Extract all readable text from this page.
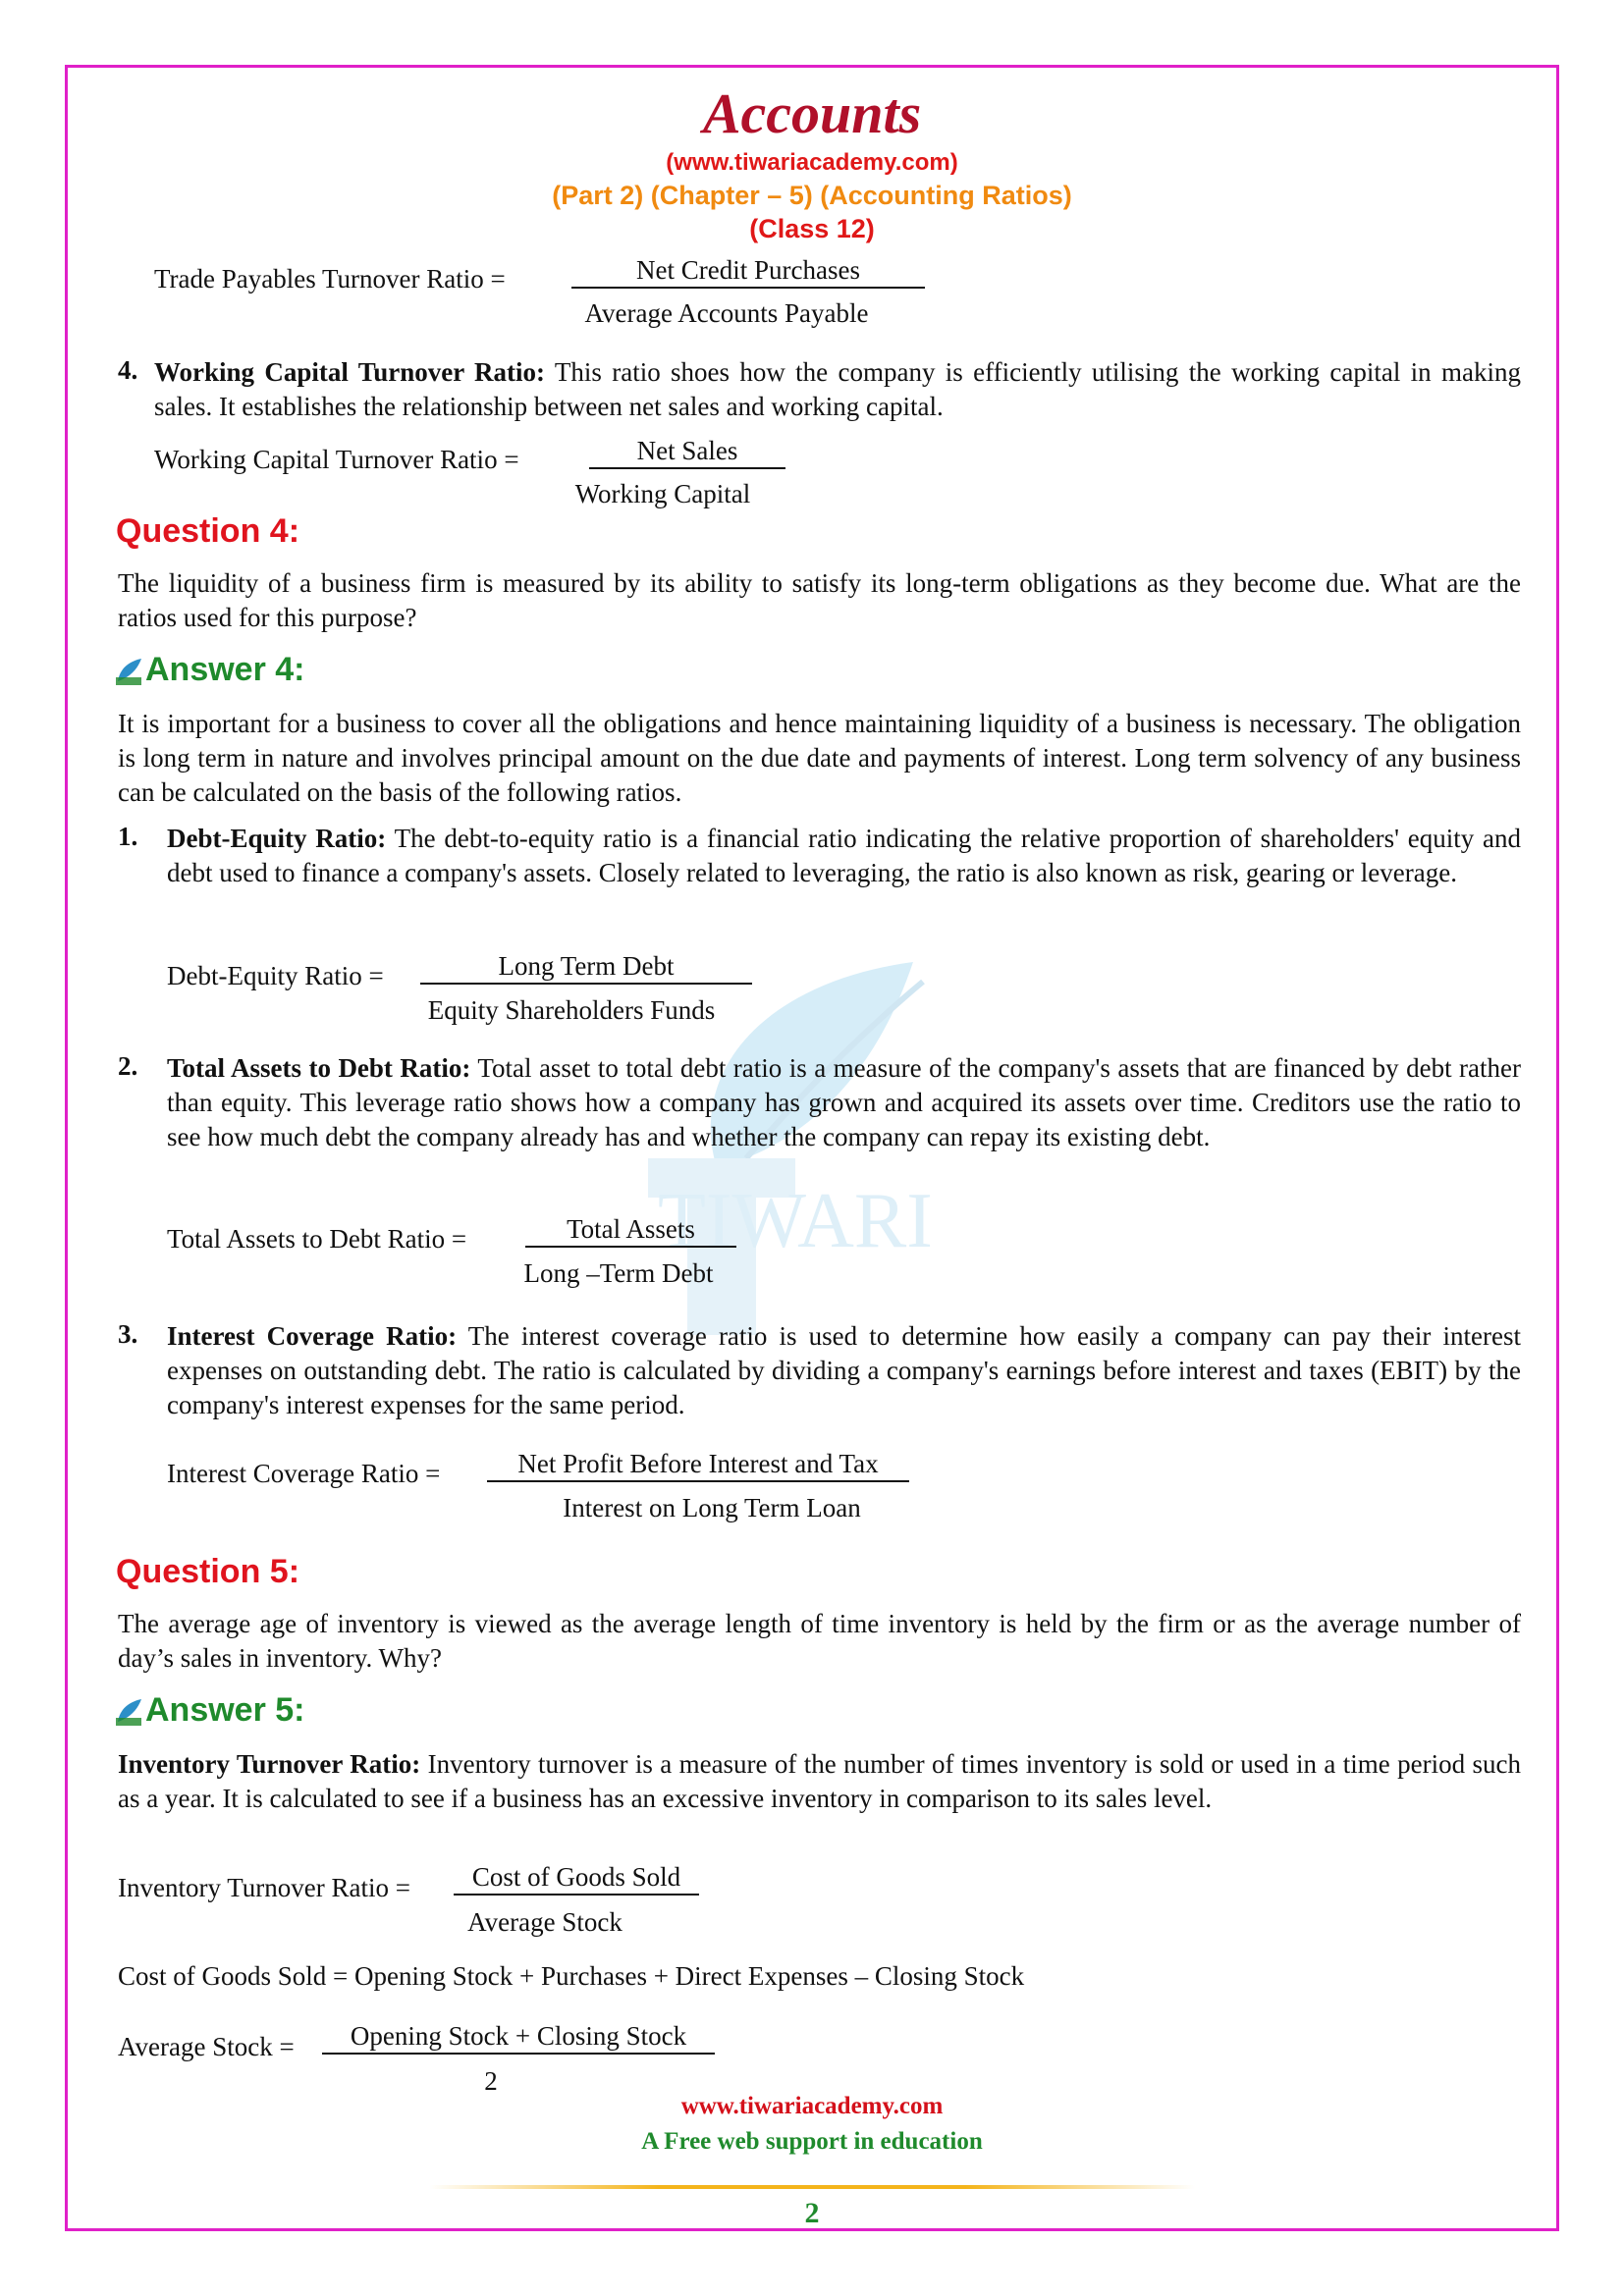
TIWARI
Accounts
(www.tiwariacademy.com)
(Part 2) (Chapter – 5) (Accounting Ratios)
(Class 12)
Trade Payables Turnover Ratio =	Net Credit Purchases
Average Accounts Payable
4. Working Capital Turnover Ratio: This ratio shoes how the company is efficiently utilising the working capital in making sales. It establishes the relationship between net sales and working capital.
Working Capital Turnover Ratio =	Net Sales
Working Capital
Question 4:
The liquidity of a business firm is measured by its ability to satisfy its long-term obligations as they become due. What are the ratios used for this purpose?
Answer 4:
It is important for a business to cover all the obligations and hence maintaining liquidity of a business is necessary. The obligation is long term in nature and involves principal amount on the due date and payments of interest. Long term solvency of any business can be calculated on the basis of the following ratios.
1. Debt-Equity Ratio: The debt-to-equity ratio is a financial ratio indicating the relative proportion of shareholders' equity and debt used to finance a company's assets. Closely related to leveraging, the ratio is also known as risk, gearing or leverage.
Debt-Equity Ratio =	Long Term Debt
Equity Shareholders Funds
2. Total Assets to Debt Ratio: Total asset to total debt ratio is a measure of the company's assets that are financed by debt rather than equity. This leverage ratio shows how a company has grown and acquired its assets over time. Creditors use the ratio to see how much debt the company already has and whether the company can repay its existing debt.
Total Assets to Debt Ratio =	Total Assets
Long –Term Debt
3. Interest Coverage Ratio: The interest coverage ratio is used to determine how easily a company can pay their interest expenses on outstanding debt. The ratio is calculated by dividing a company's earnings before interest and taxes (EBIT) by the company's interest expenses for the same period.
Interest Coverage Ratio =	Net Profit Before Interest and Tax
Interest on Long Term Loan
Question 5:
The average age of inventory is viewed as the average length of time inventory is held by the firm or as the average number of day’s sales in inventory. Why?
Answer 5:
Inventory Turnover Ratio: Inventory turnover is a measure of the number of times inventory is sold or used in a time period such as a year. It is calculated to see if a business has an excessive inventory in comparison to its sales level.
Inventory Turnover Ratio =	Cost of Goods Sold
Average Stock
Cost of Goods Sold = Opening Stock + Purchases + Direct Expenses – Closing Stock
Average Stock =	Opening Stock + Closing Stock
2
www.tiwariacademy.com
A Free web support in education
2
